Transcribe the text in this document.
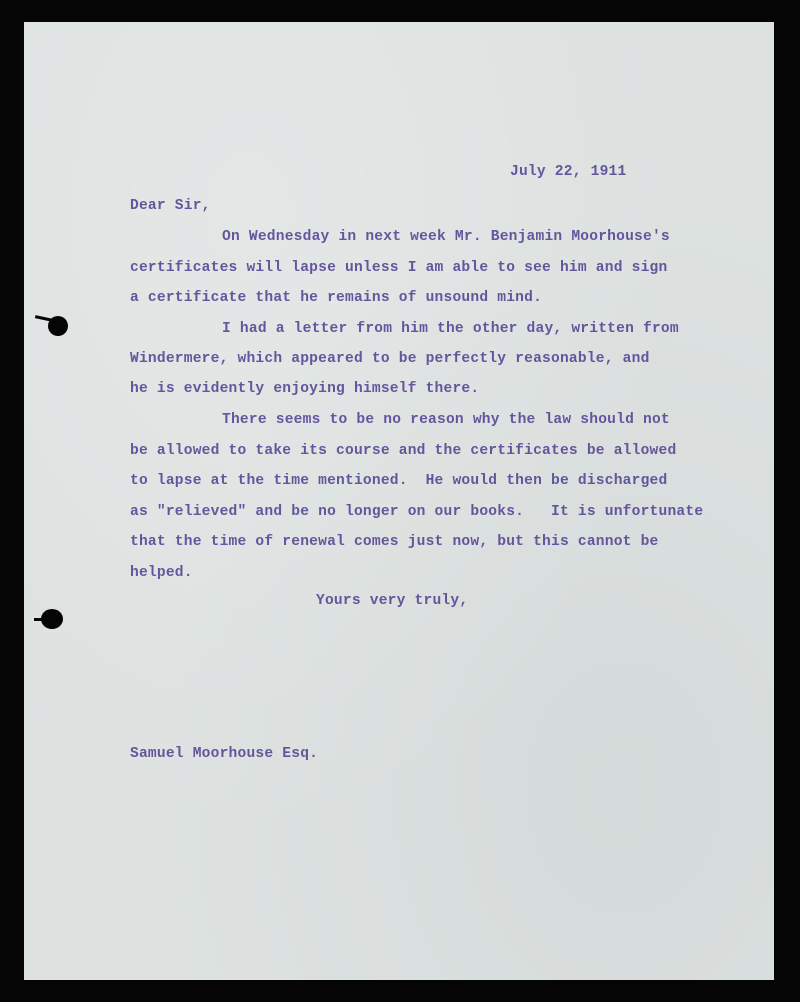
July 22, 1911
Dear Sir,
On Wednesday in next week Mr. Benjamin Moorhouse's
certificates will lapse unless I am able to see him and sign
a certificate that he remains of unsound mind.
I had a letter from him the other day, written from
Windermere, which appeared to be perfectly reasonable, and
he is evidently enjoying himself there.
There seems to be no reason why the law should not
be allowed to take its course and the certificates be allowed
to lapse at the time mentioned.  He would then be discharged
as "relieved" and be no longer on our books.   It is unfortunate
that the time of renewal comes just now, but this cannot be
helped.
Yours very truly,
Samuel Moorhouse Esq.
